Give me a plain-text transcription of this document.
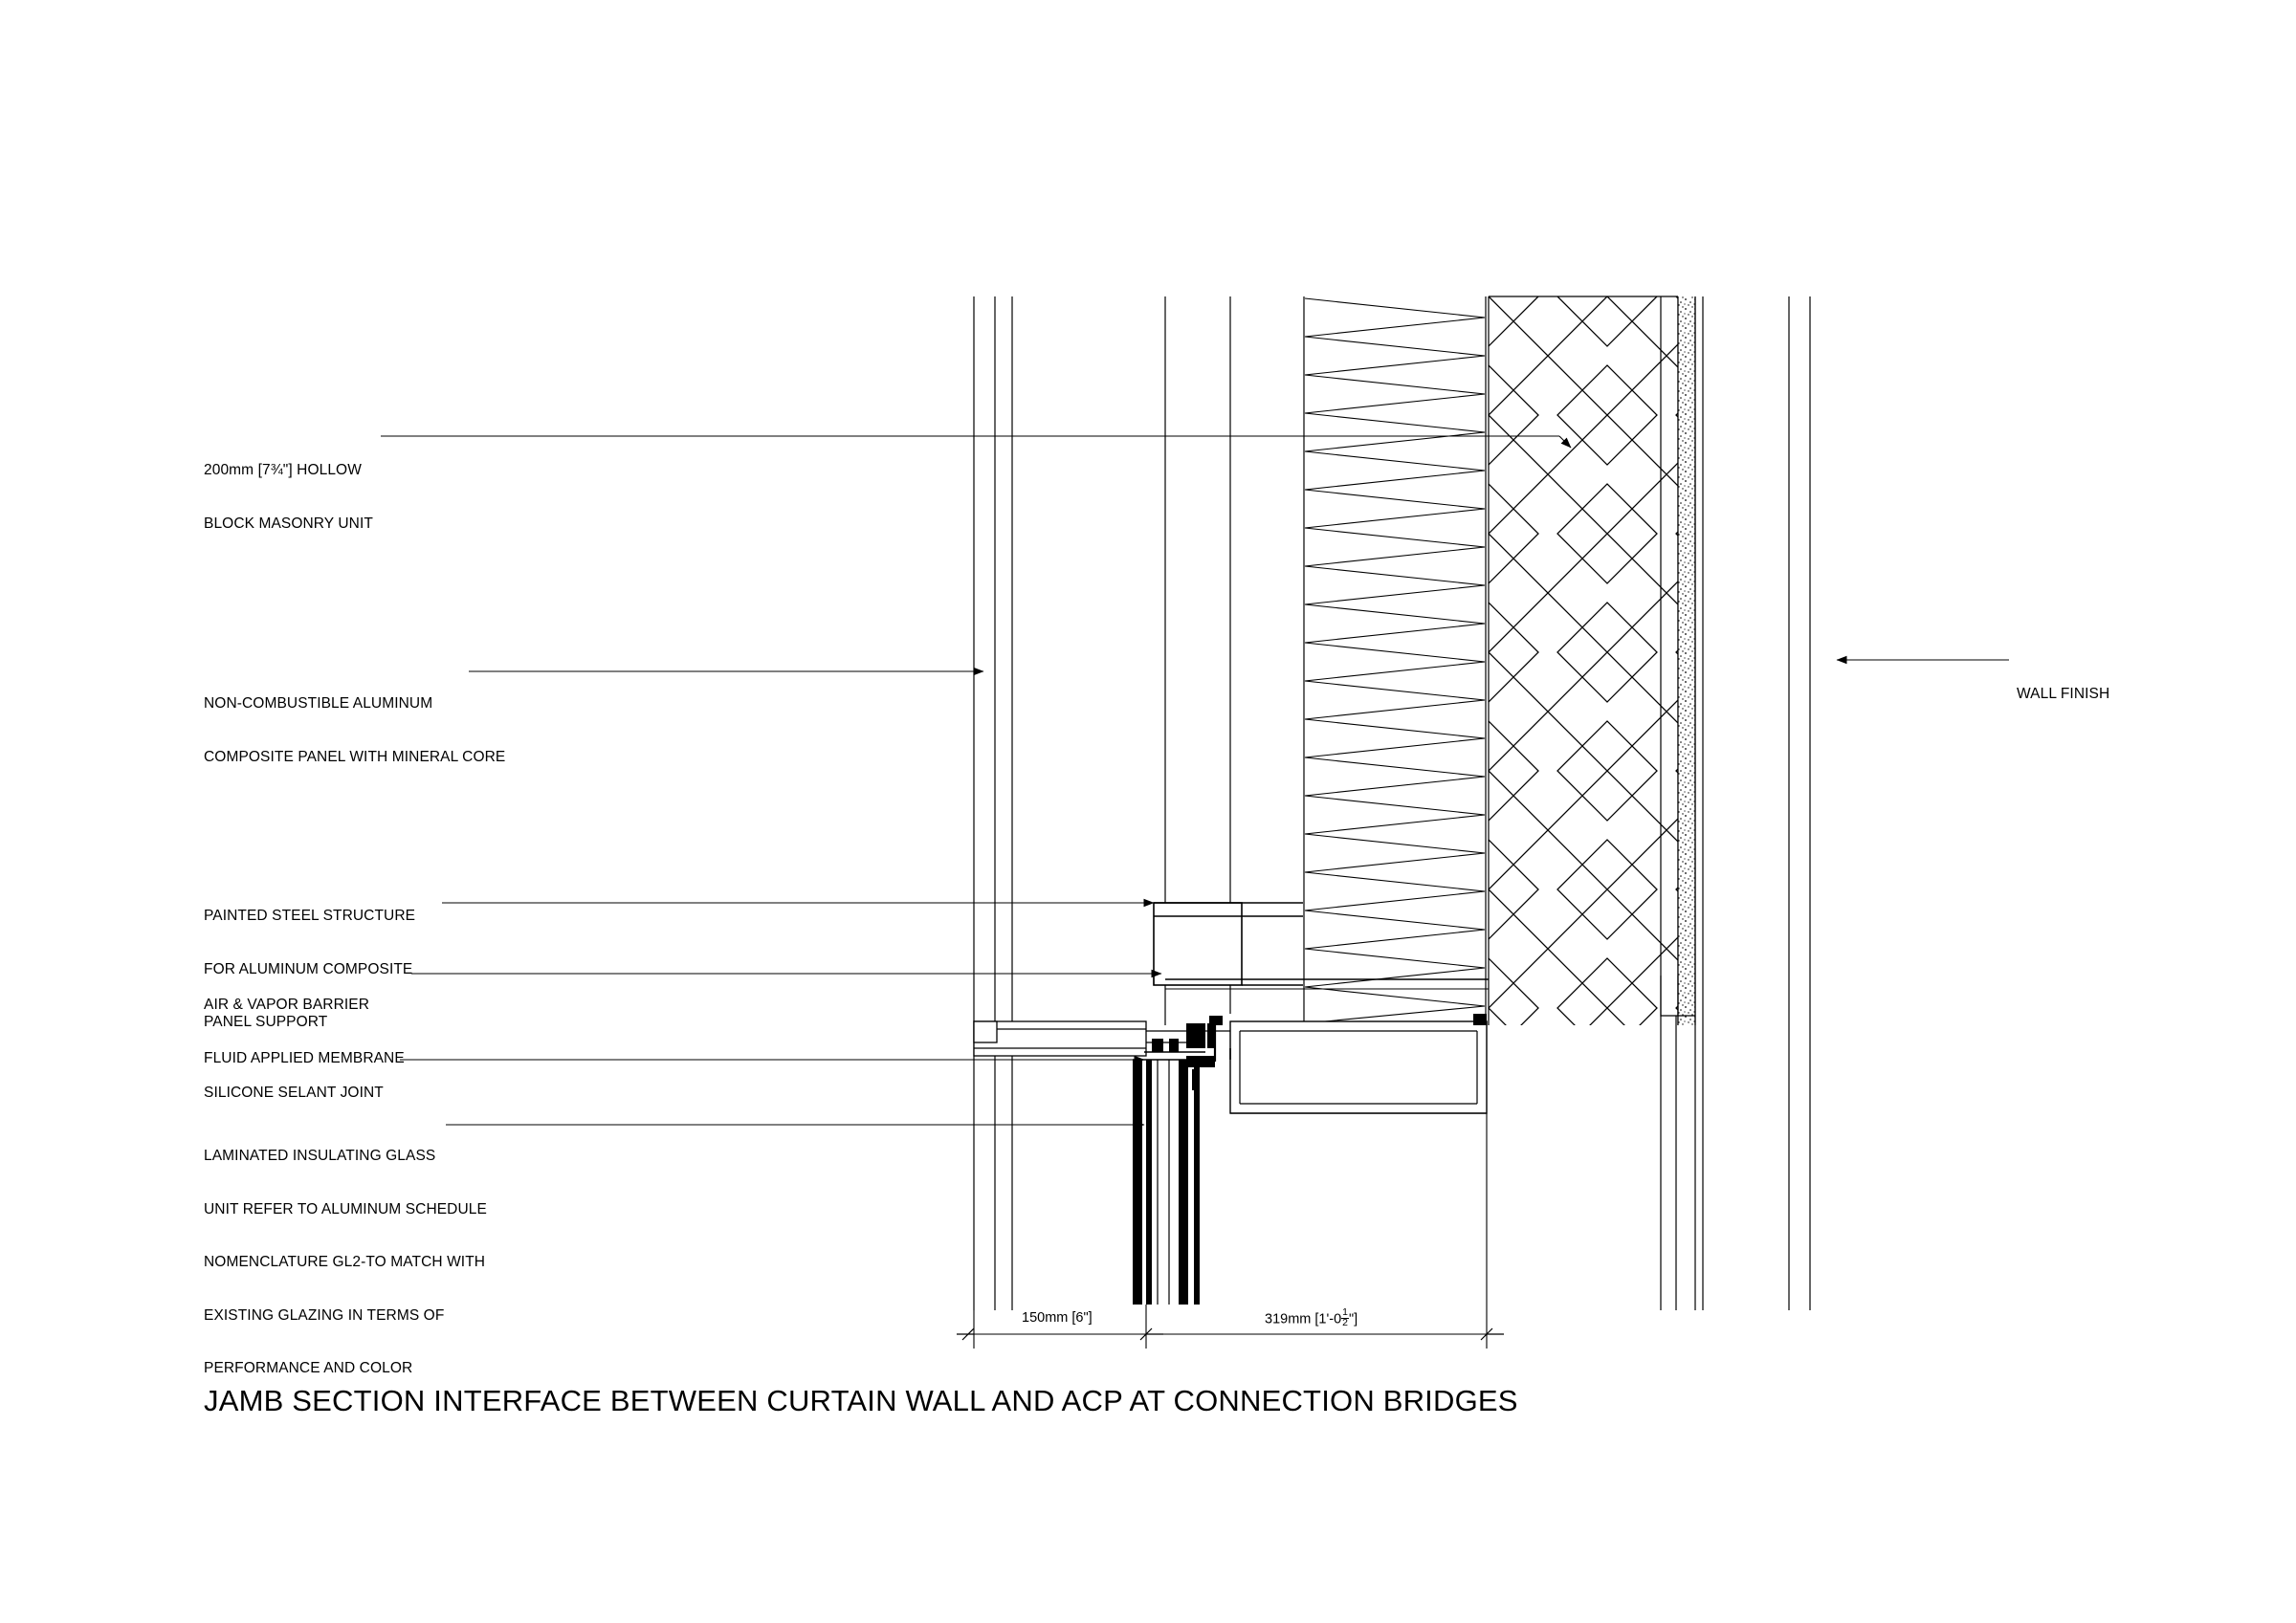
200mm [7¾"] HOLLOW

BLOCK MASONRY UNIT

NON-COMBUSTIBLE ALUMINUM

COMPOSITE PANEL WITH MINERAL CORE

PAINTED STEEL STRUCTURE

FOR ALUMINUM COMPOSITE

PANEL SUPPORT

AIR & VAPOR BARRIER

FLUID APPLIED MEMBRANE

SILICONE SELANT JOINT

LAMINATED INSULATING GLASS

UNIT REFER TO ALUMINUM SCHEDULE

NOMENCLATURE GL2-TO MATCH WITH

EXISTING GLAZING IN TERMS OF

PERFORMANCE AND COLOR

WALL FINISH

150mm [6"]	319mm [$1'-0 \frac{1}{2}$ "]
JAMB SECTION INTERFACE BETWEEN CURTAIN WALL AND ACP AT CONNECTION BRIDGES
